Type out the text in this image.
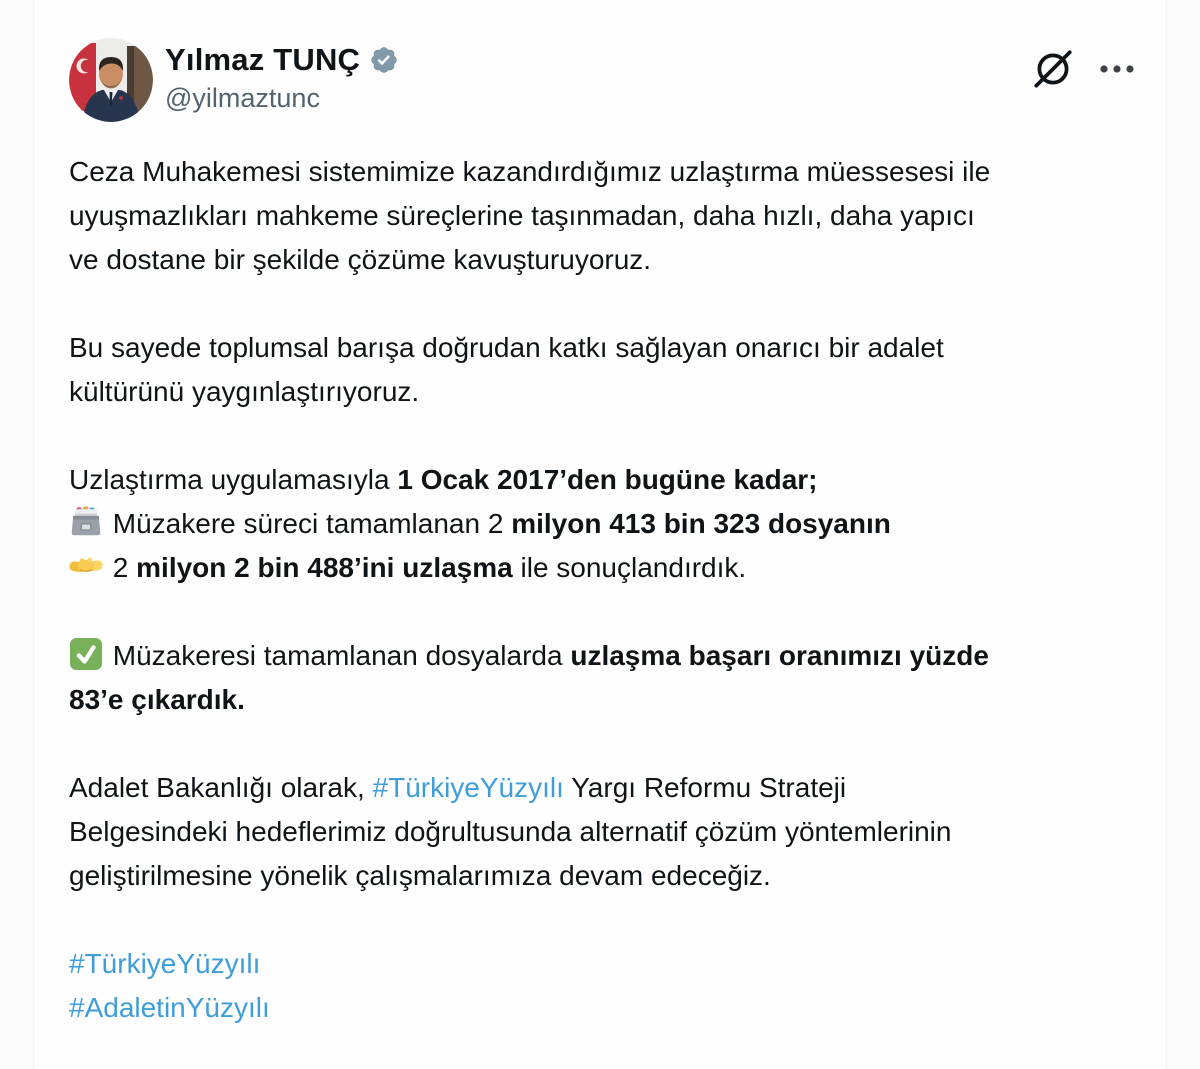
Yılmaz TUNÇ
@yilmaztunc
Ceza Muhakemesi sistemimize kazandırdığımız uzlaştırma müessesesi ile
uyuşmazlıkları mahkeme süreçlerine taşınmadan, daha hızlı, daha yapıcı
ve dostane bir şekilde çözüme kavuşturuyoruz.
Bu sayede toplumsal barışa doğrudan katkı sağlayan onarıcı bir adalet
kültürünü yaygınlaştırıyoruz.
Uzlaştırma uygulamasıyla 1 Ocak 2017’den bugüne kadar;
Müzakere süreci tamamlanan 2 milyon 413 bin 323 dosyanın
2 milyon 2 bin 488’ini uzlaşma ile sonuçlandırdık.
Müzakeresi tamamlanan dosyalarda uzlaşma başarı oranımızı yüzde
83’e çıkardık.
Adalet Bakanlığı olarak, #TürkiyeYüzyılı Yargı Reformu Strateji
Belgesindeki hedeflerimiz doğrultusunda alternatif çözüm yöntemlerinin
geliştirilmesine yönelik çalışmalarımıza devam edeceğiz.
#TürkiyeYüzyılı
#AdaletinYüzyılı
